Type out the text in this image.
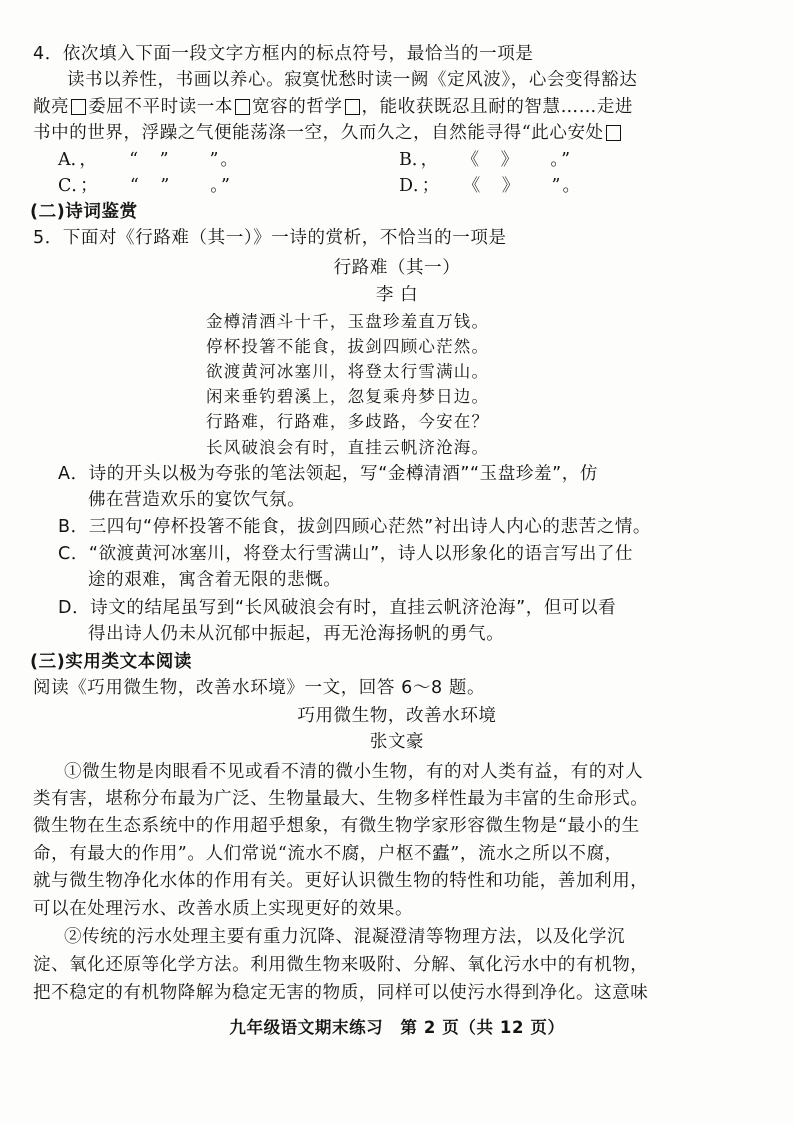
4．依次填入下面一段文字方框内的标点符号，最恰当的一项是
读书以养性，书画以养心。寂寞忧愁时读一阙《定风波》，心会变得豁达
敞亮 委屈不平时读一本 宽容的哲学 ，能收获既忍且耐的智慧……走进
书中的世界，浮躁之气便能荡涤一空，久而久之，自然能寻得“此心安处
A．，　　“　”　　”。	B．，　　《　》　　。”
C．；　　“　”　　。”	D．；　　《　》　　”。
(二)诗词鉴赏
5．下面对《行路难（其一）》一诗的赏析，不恰当的一项是
行路难（其一）
李 白
金樽清酒斗十千，玉盘珍羞直万钱。
停杯投箸不能食，拔剑四顾心茫然。
欲渡黄河冰塞川，将登太行雪满山。
闲来垂钓碧溪上，忽复乘舟梦日边。
行路难，行路难，多歧路，今安在？
长风破浪会有时，直挂云帆济沧海。
A．诗的开头以极为夸张的笔法领起，写“金樽清酒”“玉盘珍羞”，仿
佛在营造欢乐的宴饮气氛。
B．三四句“停杯投箸不能食，拔剑四顾心茫然”衬出诗人内心的悲苦之情。
C．“欲渡黄河冰塞川，将登太行雪满山”，诗人以形象化的语言写出了仕
途的艰难，寓含着无限的悲慨。
D．诗文的结尾虽写到“长风破浪会有时，直挂云帆济沧海”，但可以看
得出诗人仍未从沉郁中振起，再无沧海扬帆的勇气。
(三)实用类文本阅读
阅读《巧用微生物，改善水环境》一文，回答 6～8 题。
巧用微生物，改善水环境
张文豪
①微生物是肉眼看不见或看不清的微小生物，有的对人类有益，有的对人
类有害，堪称分布最为广泛、生物量最大、生物多样性最为丰富的生命形式。
微生物在生态系统中的作用超乎想象，有微生物学家形容微生物是“最小的生
命，有最大的作用”。人们常说“流水不腐，户枢不蠹”，流水之所以不腐，
就与微生物净化水体的作用有关。更好认识微生物的特性和功能，善加利用，
可以在处理污水、改善水质上实现更好的效果。
②传统的污水处理主要有重力沉降、混凝澄清等物理方法，以及化学沉
淀、氧化还原等化学方法。利用微生物来吸附、分解、氧化污水中的有机物，
把不稳定的有机物降解为稳定无害的物质，同样可以使污水得到净化。这意味
九年级语文期末练习　第 2 页（共 12 页）
